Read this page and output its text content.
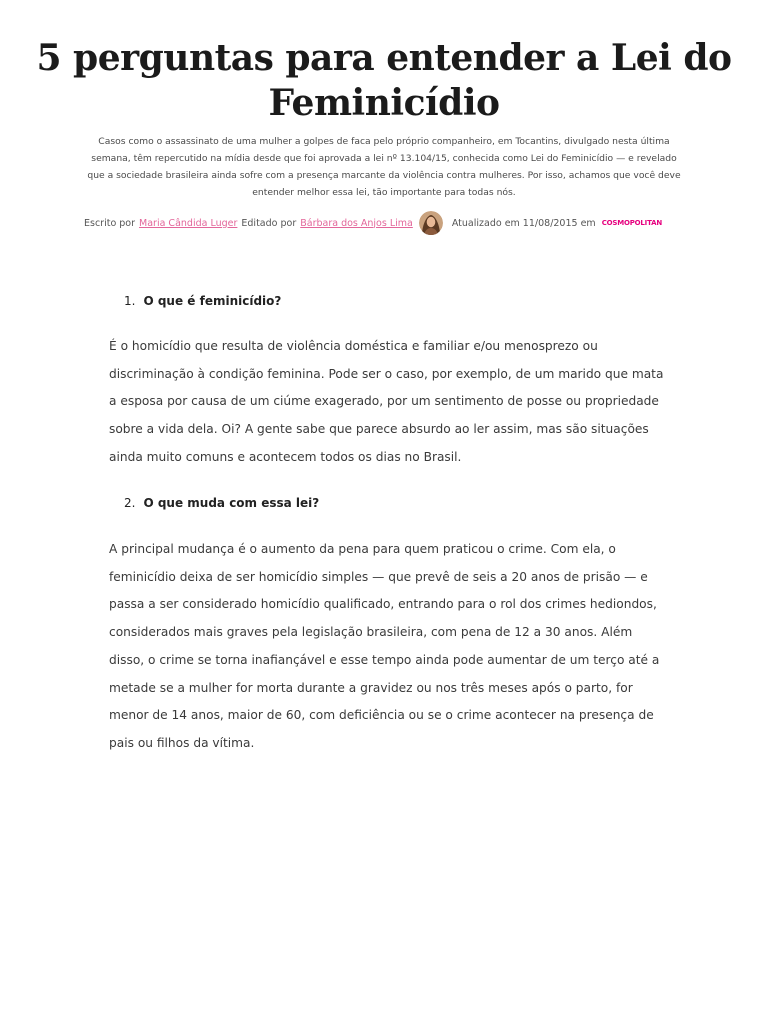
5 perguntas para entender a Lei do Feminicídio

Casos como o assassinato de uma mulher a golpes de faca pelo próprio companheiro, em Tocantins, divulgado nesta última semana, têm repercutido na mídia desde que foi aprovada a lei nº 13.104/15, conhecida como Lei do Feminicídio — e revelado que a sociedade brasileira ainda sofre com a presença marcante da violência contra mulheres. Por isso, achamos que você deve entender melhor essa lei, tão importante para todas nós.

Escrito por Maria Cândida Luger Editado por Bárbara dos Anjos Lima	Atualizado em 11/08/2015 em COSMOPOLITAN
1. O que é feminicídio?

É o homicídio que resulta de violência doméstica e familiar e/ou menosprezo ou discriminação à condição feminina. Pode ser o caso, por exemplo, de um marido que mata a esposa por causa de um ciúme exagerado, por um sentimento de posse ou propriedade sobre a vida dela. Oi? A gente sabe que parece absurdo ao ler assim, mas são situações ainda muito comuns e acontecem todos os dias no Brasil.

2. O que muda com essa lei?

A principal mudança é o aumento da pena para quem praticou o crime. Com ela, o feminicídio deixa de ser homicídio simples — que prevê de seis a 20 anos de prisão — e passa a ser considerado homicídio qualificado, entrando para o rol dos crimes hediondos, considerados mais graves pela legislação brasileira, com pena de 12 a 30 anos. Além disso, o crime se torna inafiançável e esse tempo ainda pode aumentar de um terço até a metade se a mulher for morta durante a gravidez ou nos três meses após o parto, for menor de 14 anos, maior de 60, com deficiência ou se o crime acontecer na presença de pais ou filhos da vítima.
